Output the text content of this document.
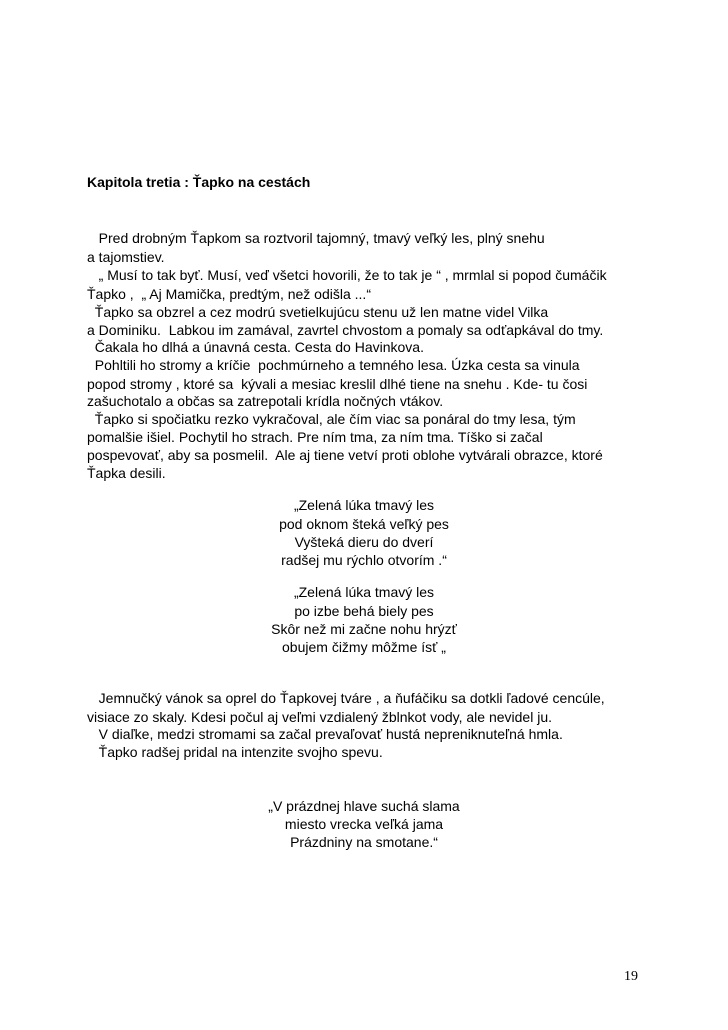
Kapitola tretia : Ťapko na cestách
Pred drobným Ťapkom sa roztvoril tajomný, tmavý veľký les, plný snehu
a tajomstiev.
„ Musí to tak byť. Musí, veď všetci hovorili, že to tak je “ , mrmlal si popod čumáčik
Ťapko ,  „ Aj Mamička, predtým, než odišla ...“
Ťapko sa obzrel a cez modrú svetielkujúcu stenu už len matne videl Vilka
a Dominiku.  Labkou im zamával, zavrtel chvostom a pomaly sa odťapkával do tmy.
Čakala ho dlhá a únavná cesta. Cesta do Havinkova.
Pohltili ho stromy a kríčie  pochmúrneho a temného lesa. Úzka cesta sa vinula
popod stromy , ktoré sa  kývali a mesiac kreslil dlhé tiene na snehu . Kde- tu čosi
zašuchotalo a občas sa zatrepotali krídla nočných vtákov.
Ťapko si spočiatku rezko vykračoval, ale čím viac sa ponáral do tmy lesa, tým
pomalšie išiel. Pochytil ho strach. Pre ním tma, za ním tma. Tíško si začal
pospevovať, aby sa posmelil.  Ale aj tiene vetví proti oblohe vytvárali obrazce, ktoré
Ťapka desili.
„Zelená lúka tmavý les
pod oknom šteká veľký pes
Vyšteká dieru do dverí
radšej mu rýchlo otvorím .“
„Zelená lúka tmavý les
po izbe behá biely pes
Skôr než mi začne nohu hrýzť
obujem čižmy môžme ísť „
Jemnučký vánok sa oprel do Ťapkovej tváre , a ňufáčiku sa dotkli ľadové cencúle,
visiace zo skaly. Kdesi počul aj veľmi vzdialený žblnkot vody, ale nevidel ju.
V diaľke, medzi stromami sa začal prevaľovať hustá nepreniknuteľná hmla.
Ťapko radšej pridal na intenzite svojho spevu.
„V prázdnej hlave suchá slama
miesto vrecka veľká jama
Prázdniny na smotane.“
19
